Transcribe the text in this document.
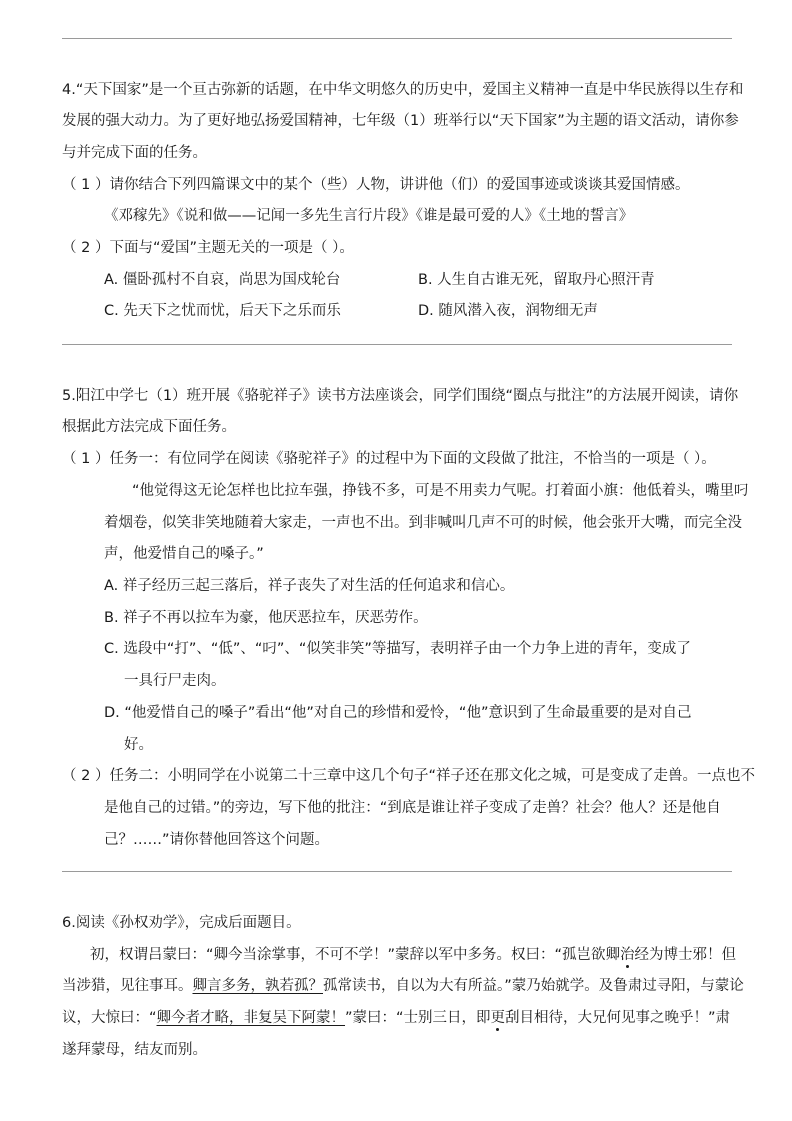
4.“天下国家”是一个亘古弥新的话题，在中华文明悠久的历史中，爱国主义精神一直是中华民族得以生存和
发展的强大动力。为了更好地弘扬爱国精神，七年级（1）班举行以“天下国家”为主题的语文活动，请你参
与并完成下面的任务。
（ 1 ）请你结合下列四篇课文中的某个（些）人物，讲讲他（们）的爱国事迹或谈谈其爱国情感。
《邓稼先》《说和做——记闻一多先生言行片段》《谁是最可爱的人》《土地的誓言》
（ 2 ）下面与“爱国”主题无关的一项是（ ）。
A. 僵卧孤村不自哀，尚思为国戍轮台	B. 人生自古谁无死，留取丹心照汗青
C. 先天下之忧而忧，后天下之乐而乐	D. 随风潜入夜，润物细无声
5.阳江中学七（1）班开展《骆驼祥子》读书方法座谈会，同学们围绕“圈点与批注”的方法展开阅读，请你
根据此方法完成下面任务。
（ 1 ）任务一：有位同学在阅读《骆驼祥子》的过程中为下面的文段做了批注，不恰当的一项是（ ）。
“他觉得这无论怎样也比拉车强，挣钱不多，可是不用卖力气呢。打着面小旗：他低着头，嘴里叼
着烟卷，似笑非笑地随着大家走，一声也不出。到非喊叫几声不可的时候，他会张开大嘴，而完全没
声，他爱惜自己的嗓子。”
A. 祥子经历三起三落后，祥子丧失了对生活的任何追求和信心。
B. 祥子不再以拉车为豪，他厌恶拉车，厌恶劳作。
C. 选段中“打”、“低”、“叼”、“似笑非笑”等描写，表明祥子由一个力争上进的青年，变成了
一具行尸走肉。
D. “他爱惜自己的嗓子”看出“他”对自己的珍惜和爱怜，“他”意识到了生命最重要的是对自己
好。
（ 2 ）任务二：小明同学在小说第二十三章中这几个句子“祥子还在那文化之城，可是变成了走兽。一点也不
是他自己的过错。”的旁边，写下他的批注：“到底是谁让祥子变成了走兽？社会？他人？还是他自
己？……”请你替他回答这个问题。
6.阅读《孙权劝学》，完成后面题目。
初，权谓吕蒙曰：“卿今当涂掌事，不可不学！”蒙辞以军中多务。权曰：“孤岂欲卿治经为博士邪！但
当涉猎，见往事耳。卿言多务，孰若孤？孤常读书，自以为大有所益。”蒙乃始就学。及鲁肃过寻阳，与蒙论
议，大惊曰：“卿今者才略，非复吴下阿蒙！”蒙曰：“士别三日，即更刮目相待，大兄何见事之晚乎！”肃
遂拜蒙母，结友而别。
